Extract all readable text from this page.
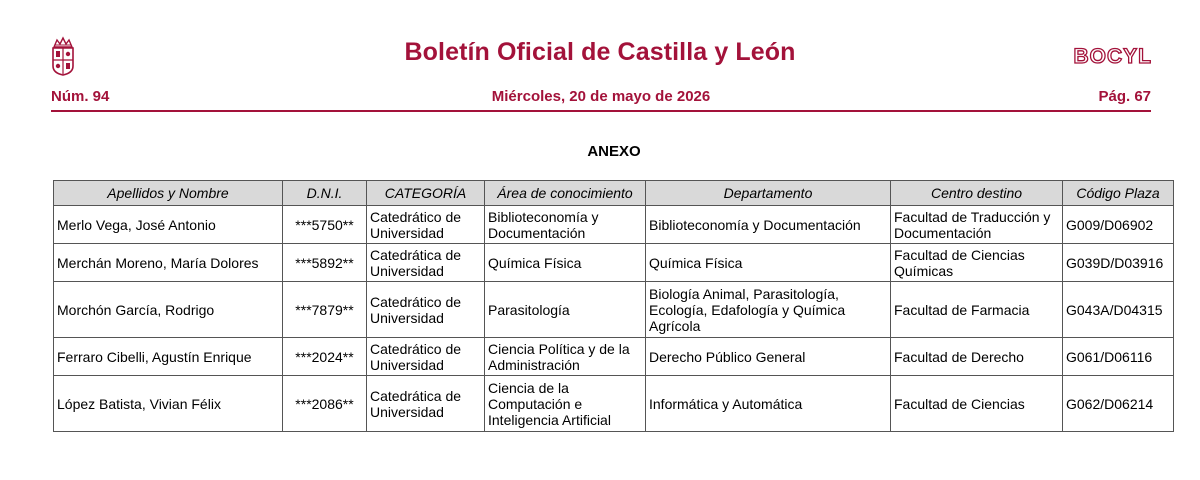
Boletín Oficial de Castilla y León	BOCYL
Núm. 94	Miércoles, 20 de mayo de 2026	Pág. 67
ANEXO
Apellidos y Nombre	D.N.I.	CATEGORÍA	Área de conocimiento	Departamento	Centro destino	Código Plaza
Merlo Vega, José Antonio	***5750**	Catedrático de Universidad	Biblioteconomía y Documentación	Biblioteconomía y Documentación	Facultad de Traducción y Documentación	G009/D06902
Merchán Moreno, María Dolores	***5892**	Catedrática de Universidad	Química Física	Química Física	Facultad de Ciencias Químicas	G039D/D03916
Morchón García, Rodrigo	***7879**	Catedrático de Universidad	Parasitología	Biología Animal, Parasitología, Ecología, Edafología y Química Agrícola	Facultad de Farmacia	G043A/D04315
Ferraro Cibelli, Agustín Enrique	***2024**	Catedrático de Universidad	Ciencia Política y de la Administración	Derecho Público General	Facultad de Derecho	G061/D06116
López Batista, Vivian Félix	***2086**	Catedrática de Universidad	Ciencia de la Computación e Inteligencia Artificial	Informática y Automática	Facultad de Ciencias	G062/D06214
